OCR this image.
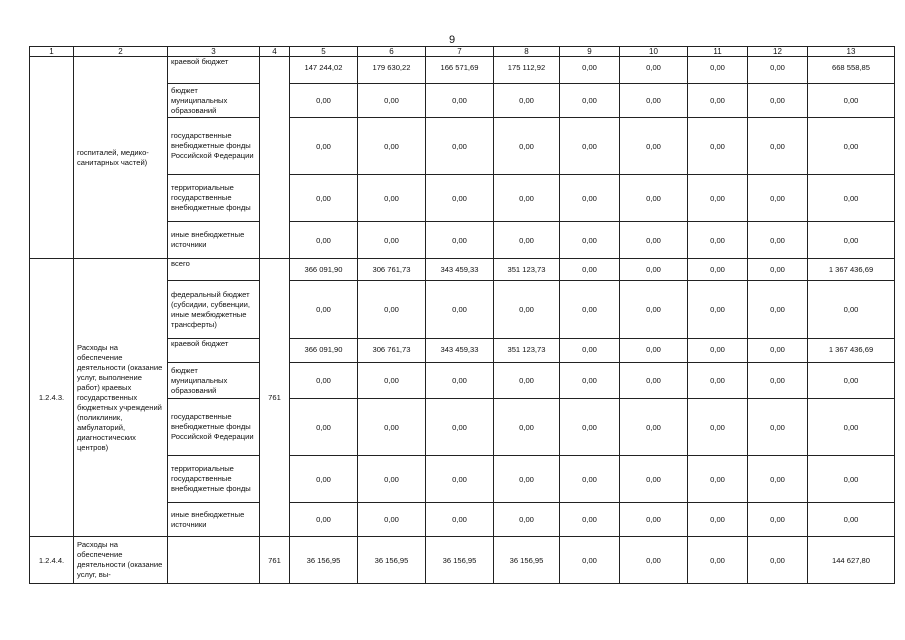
9
1	2	3	4	5	6	7	8	9	10	11	12	13
	госпиталей, медико-санитарных частей)	краевой бюджет		147 244,02	179 630,22	166 571,69	175 112,92	0,00	0,00	0,00	0,00	668 558,85
		бюджет муниципальных образований		0,00	0,00	0,00	0,00	0,00	0,00	0,00	0,00	0,00
		государственные внебюджетные фонды Российской Федерации		0,00	0,00	0,00	0,00	0,00	0,00	0,00	0,00	0,00
		территориальные государственные внебюджетные фонды		0,00	0,00	0,00	0,00	0,00	0,00	0,00	0,00	0,00
		иные внебюджетные источники		0,00	0,00	0,00	0,00	0,00	0,00	0,00	0,00	0,00
1.2.4.3.	Расходы на обеспечение деятельности (оказание услуг, выполнение работ) краевых государственных бюджетных учреждений (поликлиник, амбулаторий, диагностических центров)	всего	761	366 091,90	306 761,73	343 459,33	351 123,73	0,00	0,00	0,00	0,00	1 367 436,69
		федеральный бюджет (субсидии, субвенции, иные межбюджетные трансферты)		0,00	0,00	0,00	0,00	0,00	0,00	0,00	0,00	0,00
		краевой бюджет		366 091,90	306 761,73	343 459,33	351 123,73	0,00	0,00	0,00	0,00	1 367 436,69
		бюджет муниципальных образований		0,00	0,00	0,00	0,00	0,00	0,00	0,00	0,00	0,00
		государственные внебюджетные фонды Российской Федерации		0,00	0,00	0,00	0,00	0,00	0,00	0,00	0,00	0,00
		территориальные государственные внебюджетные фонды		0,00	0,00	0,00	0,00	0,00	0,00	0,00	0,00	0,00
		иные внебюджетные источники		0,00	0,00	0,00	0,00	0,00	0,00	0,00	0,00	0,00
1.2.4.4.	Расходы на обеспечение деятельности (оказание услуг, вы-		761	36 156,95	36 156,95	36 156,95	36 156,95	0,00	0,00	0,00	0,00	144 627,80
